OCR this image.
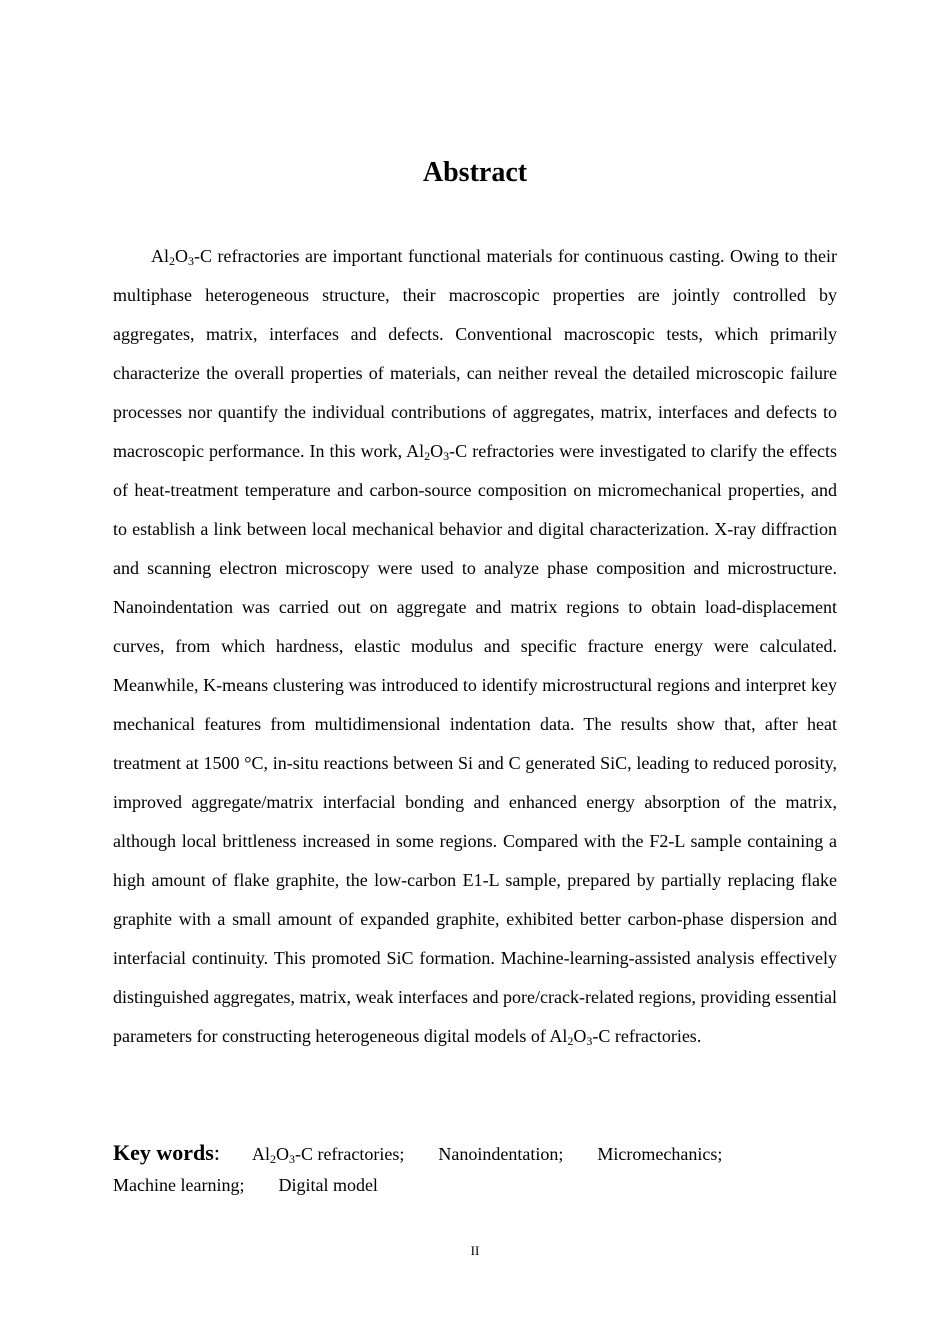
Abstract

$Al_2O_3-C$ refractories are important functional materials for continuous casting. Owing to their multiphase heterogeneous structure, their macroscopic properties are jointly controlled by aggregates, matrix, interfaces and defects. Conventional macroscopic tests, which primarily characterize the overall properties of materials, can neither reveal the detailed microscopic failure processes nor quantify the individual contributions of aggregates, matrix, interfaces and defects to macroscopic performance. In this work, $Al_2O_3-C$ refractories were investigated to clarify the effects of heat-treatment temperature and carbon-source composition on micromechanical properties, and to establish a link between local mechanical behavior and digital characterization. X-ray diffraction and scanning electron microscopy were used to analyze phase composition and microstructure. Nanoindentation was carried out on aggregate and matrix regions to obtain load-displacement curves, from which hardness, elastic modulus and specific fracture energy were calculated. Meanwhile, K-means clustering was introduced to identify microstructural regions and interpret key mechanical features from multidimensional indentation data. The results show that, after heat treatment at 1500 °C, in-situ reactions between Si and C generated SiC, leading to reduced porosity, improved aggregate/matrix interfacial bonding and enhanced energy absorption of the matrix, although local brittleness increased in some regions. Compared with the F2-L sample containing a high amount of flake graphite, the low-carbon E1-L sample, prepared by partially replacing flake graphite with a small amount of expanded graphite, exhibited better carbon-phase dispersion and interfacial continuity. This promoted SiC formation. Machine-learning-assisted analysis effectively distinguished aggregates, matrix, weak interfaces and pore/crack-related regions, providing essential parameters for constructing heterogeneous digital models of $Al_2O_3-C$ refractories.

Key words: $Al_2O_3-C$ refractories; Nanoindentation; Micromechanics;
Machine learning; Digital model
II
